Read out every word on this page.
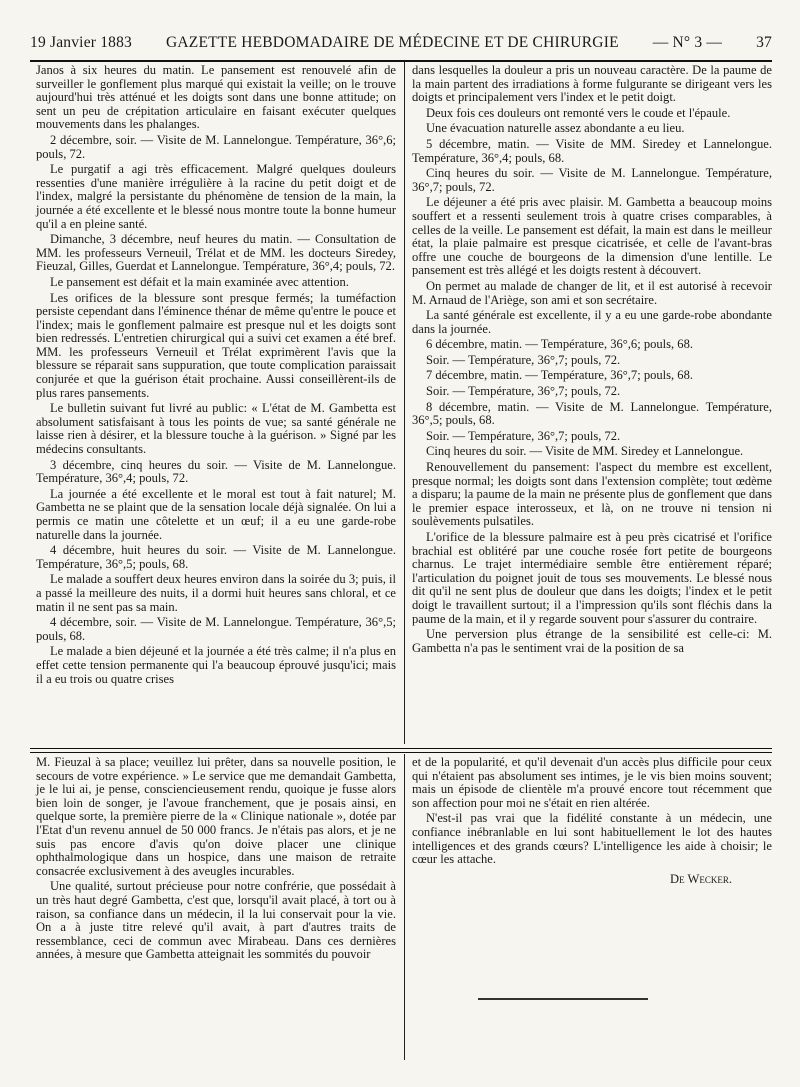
19 Janvier 1883 GAZETTE HEBDOMADAIRE DE MÉDECINE ET DE CHIRURGIE — N° 3 — 37

Janos à six heures du matin. Le pansement est renouvelé afin de surveiller le gonflement plus marqué qui existait la veille; on le trouve aujourd'hui très atténué et les doigts sont dans une bonne attitude; on sent un peu de crépitation articulaire en faisant exécuter quelques mouvements dans les phalanges.

2 décembre, soir. — Visite de M. Lannelongue. Température, 36°,6; pouls, 72.

Le purgatif a agi très efficacement. Malgré quelques douleurs ressenties d'une manière irrégulière à la racine du petit doigt et de l'index, malgré la persistante du phénomène de tension de la main, la journée a été excellente et le blessé nous montre toute la bonne humeur qu'il a en pleine santé.

Dimanche, 3 décembre, neuf heures du matin. — Consultation de MM. les professeurs Verneuil, Trélat et de MM. les docteurs Siredey, Fieuzal, Gilles, Guerdat et Lannelongue. Température, 36°,4; pouls, 72.

Le pansement est défait et la main examinée avec attention.

Les orifices de la blessure sont presque fermés; la tuméfaction persiste cependant dans l'éminence thénar de même qu'entre le pouce et l'index; mais le gonflement palmaire est presque nul et les doigts sont bien redressés. L'entretien chirurgical qui a suivi cet examen a été bref. MM. les professeurs Verneuil et Trélat exprimèrent l'avis que la blessure se réparait sans suppuration, que toute complication paraissait conjurée et que la guérison était prochaine. Aussi conseillèrent-ils de plus rares pansements.

Le bulletin suivant fut livré au public: « L'état de M. Gambetta est absolument satisfaisant à tous les points de vue; sa santé générale ne laisse rien à désirer, et la blessure touche à la guérison. » Signé par les médecins consultants.

3 décembre, cinq heures du soir. — Visite de M. Lannelongue. Température, 36°,4; pouls, 72.

La journée a été excellente et le moral est tout à fait naturel; M. Gambetta ne se plaint que de la sensation locale déjà signalée. On lui a permis ce matin une côtelette et un œuf; il a eu une garde-robe naturelle dans la journée.

4 décembre, huit heures du soir. — Visite de M. Lannelongue. Température, 36°,5; pouls, 68.

Le malade a souffert deux heures environ dans la soirée du 3; puis, il a passé la meilleure des nuits, il a dormi huit heures sans chloral, et ce matin il ne sent pas sa main.

4 décembre, soir. — Visite de M. Lannelongue. Température, 36°,5; pouls, 68.

Le malade a bien déjeuné et la journée a été très calme; il n'a plus en effet cette tension permanente qui l'a beaucoup éprouvé jusqu'ici; mais il a eu trois ou quatre crises

dans lesquelles la douleur a pris un nouveau caractère. De la paume de la main partent des irradiations à forme fulgurante se dirigeant vers les doigts et principalement vers l'index et le petit doigt.

Deux fois ces douleurs ont remonté vers le coude et l'épaule.

Une évacuation naturelle assez abondante a eu lieu.

5 décembre, matin. — Visite de MM. Siredey et Lannelongue. Température, 36°,4; pouls, 68.

Cinq heures du soir. — Visite de M. Lannelongue. Température, 36°,7; pouls, 72.

Le déjeuner a été pris avec plaisir. M. Gambetta a beaucoup moins souffert et a ressenti seulement trois à quatre crises comparables, à celles de la veille. Le pansement est défait, la main est dans le meilleur état, la plaie palmaire est presque cicatrisée, et celle de l'avant-bras offre une couche de bourgeons de la dimension d'une lentille. Le pansement est très allégé et les doigts restent à découvert.

On permet au malade de changer de lit, et il est autorisé à recevoir M. Arnaud de l'Ariège, son ami et son secrétaire.

La santé générale est excellente, il y a eu une garde-robe abondante dans la journée.

6 décembre, matin. — Température, 36°,6; pouls, 68.

Soir. — Température, 36°,7; pouls, 72.

7 décembre, matin. — Température, 36°,7; pouls, 68.

Soir. — Température, 36°,7; pouls, 72.

8 décembre, matin. — Visite de M. Lannelongue. Température, 36°,5; pouls, 68.

Soir. — Température, 36°,7; pouls, 72.

Cinq heures du soir. — Visite de MM. Siredey et Lannelongue.

Renouvellement du pansement: l'aspect du membre est excellent, presque normal; les doigts sont dans l'extension complète; tout œdème a disparu; la paume de la main ne présente plus de gonflement que dans le premier espace interosseux, et là, on ne trouve ni tension ni soulèvements pulsatiles.

L'orifice de la blessure palmaire est à peu près cicatrisé et l'orifice brachial est oblitéré par une couche rosée fort petite de bourgeons charnus. Le trajet intermédiaire semble être entièrement réparé; l'articulation du poignet jouit de tous ses mouvements. Le blessé nous dit qu'il ne sent plus de douleur que dans les doigts; l'index et le petit doigt le travaillent surtout; il a l'impression qu'ils sont fléchis dans la paume de la main, et il y regarde souvent pour s'assurer du contraire.

Une perversion plus étrange de la sensibilité est celle-ci: M. Gambetta n'a pas le sentiment vrai de la position de sa

M. Fieuzal à sa place; veuillez lui prêter, dans sa nouvelle position, le secours de votre expérience. » Le service que me demandait Gambetta, je le lui ai, je pense, consciencieusement rendu, quoique je fusse alors bien loin de songer, je l'avoue franchement, que je posais ainsi, en quelque sorte, la première pierre de la « Clinique nationale », dotée par l'Etat d'un revenu annuel de 50 000 francs. Je n'étais pas alors, et je ne suis pas encore d'avis qu'on doive placer une clinique ophthalmologique dans un hospice, dans une maison de retraite consacrée exclusivement à des aveugles incurables.

Une qualité, surtout précieuse pour notre confrérie, que possédait à un très haut degré Gambetta, c'est que, lorsqu'il avait placé, à tort ou à raison, sa confiance dans un médecin, il la lui conservait pour la vie. On a à juste titre relevé qu'il avait, à part d'autres traits de ressemblance, ceci de commun avec Mirabeau. Dans ces dernières années, à mesure que Gambetta atteignait les sommités du pouvoir

et de la popularité, et qu'il devenait d'un accès plus difficile pour ceux qui n'étaient pas absolument ses intimes, je le vis bien moins souvent; mais un épisode de clientèle m'a prouvé encore tout récemment que son affection pour moi ne s'était en rien altérée.

N'est-il pas vrai que la fidélité constante à un médecin, une confiance inébranlable en lui sont habituellement le lot des hautes intelligences et des grands cœurs? L'intelligence les aide à choisir; le cœur les attache.

De Wecker.
